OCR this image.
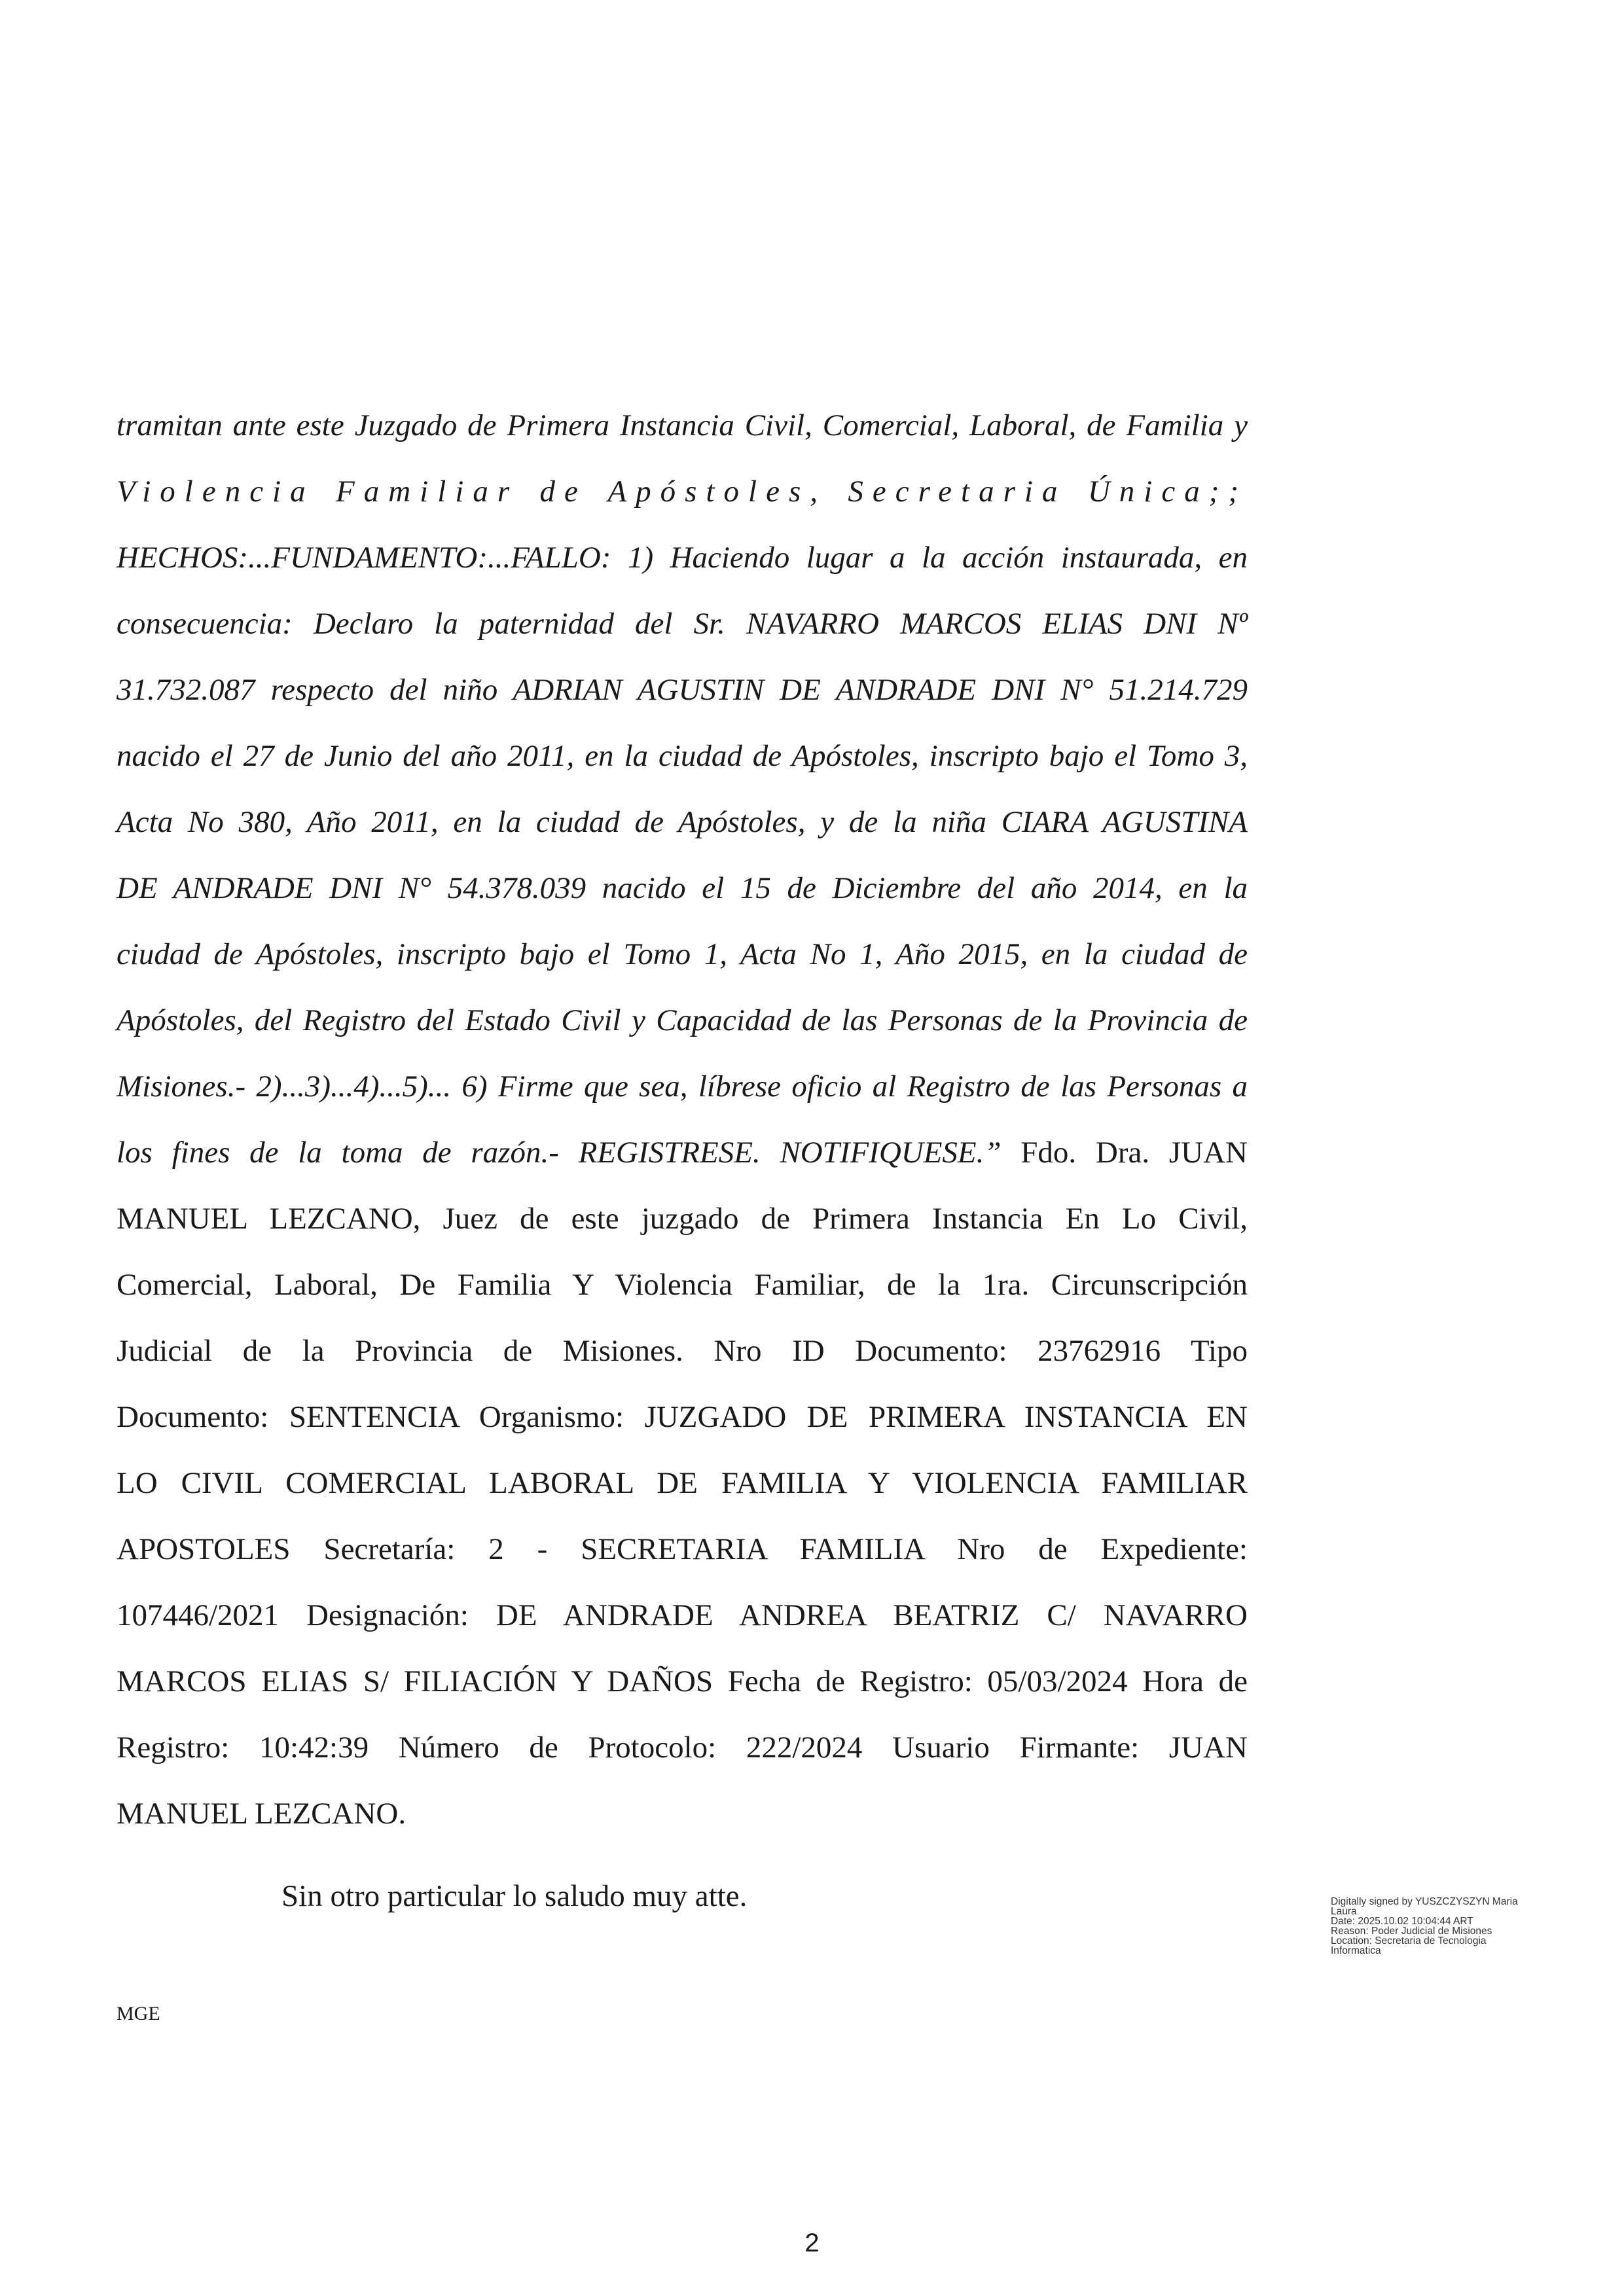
tramitan ante este Juzgado de Primera Instancia Civil, Comercial, Laboral, de Familia y
Violencia Familiar de Apóstoles, Secretaria Única;;
HECHOS:...FUNDAMENTO:...FALLO: 1) Haciendo lugar a la acción instaurada, en
consecuencia: Declaro la paternidad del Sr. NAVARRO MARCOS ELIAS DNI Nº
31.732.087 respecto del niño ADRIAN AGUSTIN DE ANDRADE DNI N° 51.214.729
nacido el 27 de Junio del año 2011, en la ciudad de Apóstoles, inscripto bajo el Tomo 3,
Acta No 380, Año 2011, en la ciudad de Apóstoles, y de la niña CIARA AGUSTINA
DE ANDRADE DNI N° 54.378.039 nacido el 15 de Diciembre del año 2014, en la
ciudad de Apóstoles, inscripto bajo el Tomo 1, Acta No 1, Año 2015, en la ciudad de
Apóstoles, del Registro del Estado Civil y Capacidad de las Personas de la Provincia de
Misiones.- 2)...3)...4)...5)... 6) Firme que sea, líbrese oficio al Registro de las Personas a
los fines de la toma de razón.- REGISTRESE. NOTIFIQUESE.” Fdo. Dra. JUAN
MANUEL LEZCANO, Juez de este juzgado de Primera Instancia En Lo Civil,
Comercial, Laboral, De Familia Y Violencia Familiar, de la 1ra. Circunscripción
Judicial de la Provincia de Misiones. Nro ID Documento: 23762916 Tipo
Documento: SENTENCIA Organismo: JUZGADO DE PRIMERA INSTANCIA EN
LO CIVIL COMERCIAL LABORAL DE FAMILIA Y VIOLENCIA FAMILIAR
APOSTOLES Secretaría: 2 - SECRETARIA FAMILIA Nro de Expediente:
107446/2021 Designación: DE ANDRADE ANDREA BEATRIZ C/ NAVARRO
MARCOS ELIAS S/ FILIACIÓN Y DAÑOS Fecha de Registro: 05/03/2024 Hora de
Registro: 10:42:39 Número de Protocolo: 222/2024 Usuario Firmante: JUAN
MANUEL LEZCANO.
Sin otro particular lo saludo muy atte.
MGE
Digitally signed by YUSZCZYSZYN Maria
Laura
Date: 2025.10.02 10:04:44 ART
Reason: Poder Judicial de Misiones
Location: Secretaria de Tecnologia
Informatica
2
